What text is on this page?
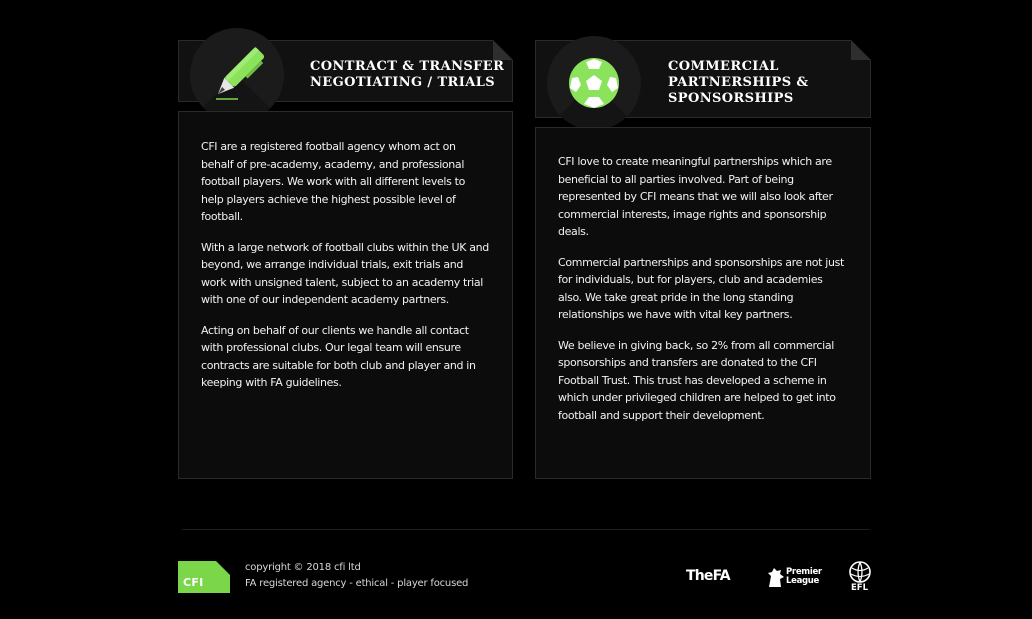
CONTRACT & TRANSFER
NEGOTIATING / TRIALS

CFI are a registered football agency whom act on behalf of pre-academy, academy, and professional football players. We work with all different levels to help players achieve the highest possible level of football.

With a large network of football clubs within the UK and beyond, we arrange individual trials, exit trials and work with unsigned talent, subject to an academy trial with one of our independent academy partners.

Acting on behalf of our clients we handle all contact with professional clubs. Our legal team will ensure contracts are suitable for both club and player and in keeping with FA guidelines.

COMMERCIAL
PARTNERSHIPS &
SPONSORSHIPS

CFI love to create meaningful partnerships which are beneficial to all parties involved. Part of being represented by CFI means that we will also look after commercial interests, image rights and sponsorship deals.

Commercial partnerships and sponsorships are not just for individuals, but for players, club and academies also. We take great pride in the long standing relationships we have with vital key partners.

We believe in giving back, so 2% from all commercial sponsorships and transfers are donated to the CFI Football Trust. This trust has developed a scheme in which under privileged children are helped to get into football and support their development.

CFI
copyright © 2018 cfi ltd
FA registered agency - ethical - player focused	TheFA	Premier
League
EFL
